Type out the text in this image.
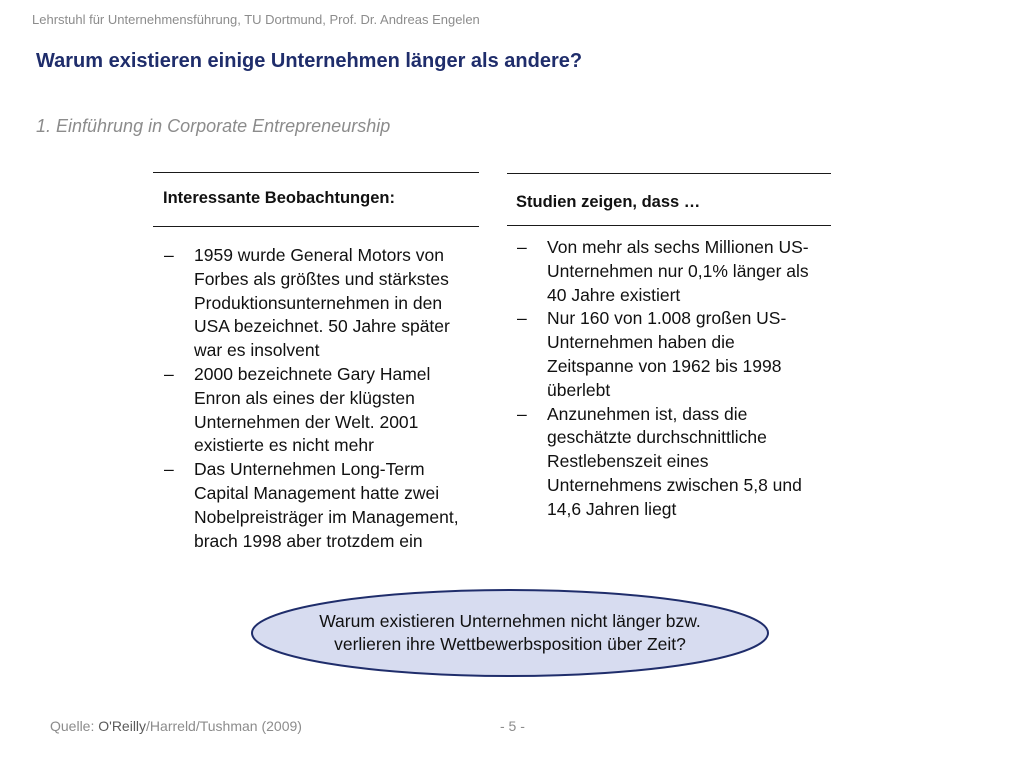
Lehrstuhl für Unternehmensführung, TU Dortmund, Prof. Dr. Andreas Engelen
Warum existieren einige Unternehmen länger als andere?
1. Einführung in Corporate Entrepreneurship
Interessante Beobachtungen:
–	1959 wurde General Motors von Forbes als größtes und stärkstes Produktionsunternehmen in den USA bezeichnet. 50 Jahre später war es insolvent
–	2000 bezeichnete Gary Hamel Enron als eines der klügsten Unternehmen der Welt. 2001 existierte es nicht mehr
–	Das Unternehmen Long-Term Capital Management hatte zwei Nobelpreisträger im Management, brach 1998 aber trotzdem ein
Studien zeigen, dass …
–	Von mehr als sechs Millionen US-Unternehmen nur 0,1% länger als 40 Jahre existiert
–	Nur 160 von 1.008 großen US-Unternehmen haben die Zeitspanne von 1962 bis 1998 überlebt
–	Anzunehmen ist, dass die geschätzte durchschnittliche Restlebenszeit eines Unternehmens zwischen 5,8 und 14,6 Jahren liegt
Warum existieren Unternehmen nicht länger bzw.
verlieren ihre Wettbewerbsposition über Zeit?
Quelle: O'Reilly/Harreld/Tushman (2009)	- 5 -
